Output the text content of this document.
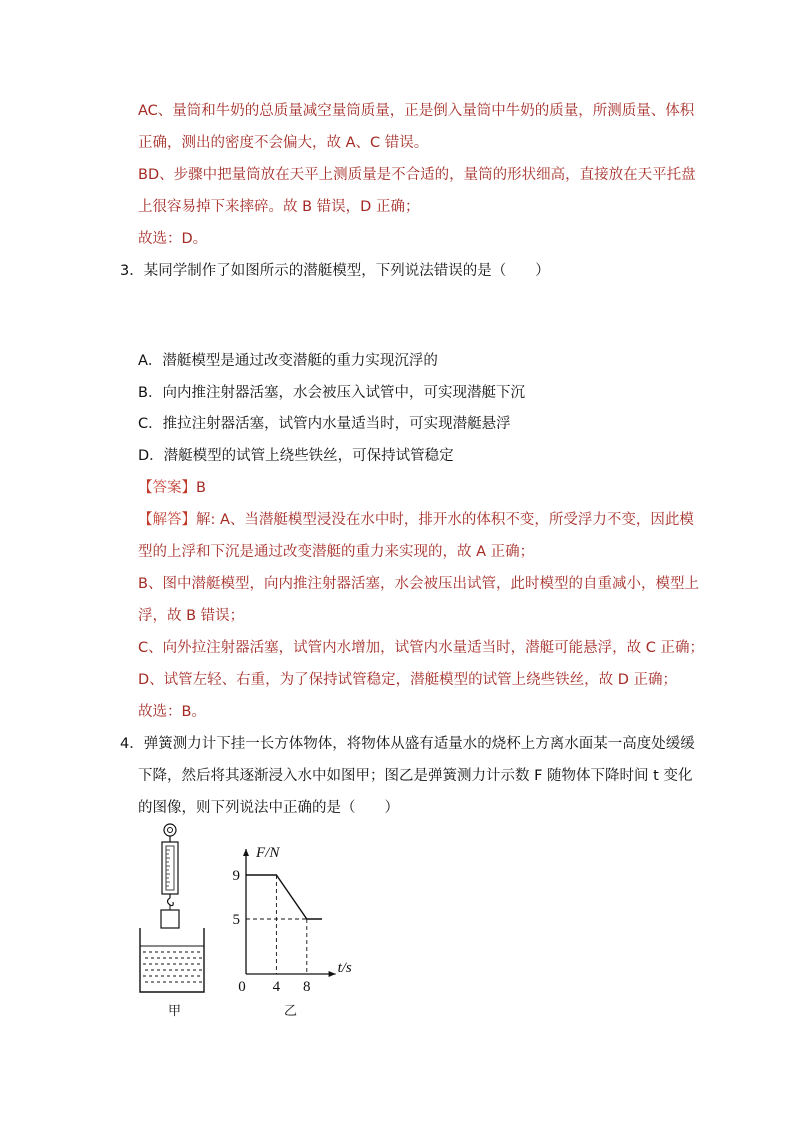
AC、量筒和牛奶的总质量减空量筒质量，正是倒入量筒中牛奶的质量，所测质量、体积
正确，测出的密度不会偏大，故 A、C 错误。
BD、步骤中把量筒放在天平上测质量是不合适的，量筒的形状细高，直接放在天平托盘
上很容易掉下来摔碎。故 B 错误，D 正确；
故选：D。
3．某同学制作了如图所示的潜艇模型，下列说法错误的是（　　）
A．潜艇模型是通过改变潜艇的重力实现沉浮的
B．向内推注射器活塞，水会被压入试管中，可实现潜艇下沉
C．推拉注射器活塞，试管内水量适当时，可实现潜艇悬浮
D．潜艇模型的试管上绕些铁丝，可保持试管稳定
【答案】B
【解答】解: A、当潜艇模型浸没在水中时，排开水的体积不变，所受浮力不变，因此模
型的上浮和下沉是通过改变潜艇的重力来实现的，故 A 正确；
B、图中潜艇模型，向内推注射器活塞，水会被压出试管，此时模型的自重减小，模型上
浮，故 B 错误；
C、向外拉注射器活塞，试管内水增加，试管内水量适当时，潜艇可能悬浮，故 C 正确；
D、试管左轻、右重，为了保持试管稳定，潜艇模型的试管上绕些铁丝，故 D 正确；
故选：B。
4．弹簧测力计下挂一长方体物体，将物体从盛有适量水的烧杯上方离水面某一高度处缓缓
下降，然后将其逐渐浸入水中如图甲；图乙是弹簧测力计示数 F 随物体下降时间 t 变化
的图像，则下列说法中正确的是（　　）
甲
9
5
0 4 8
F/N
t/s
乙
